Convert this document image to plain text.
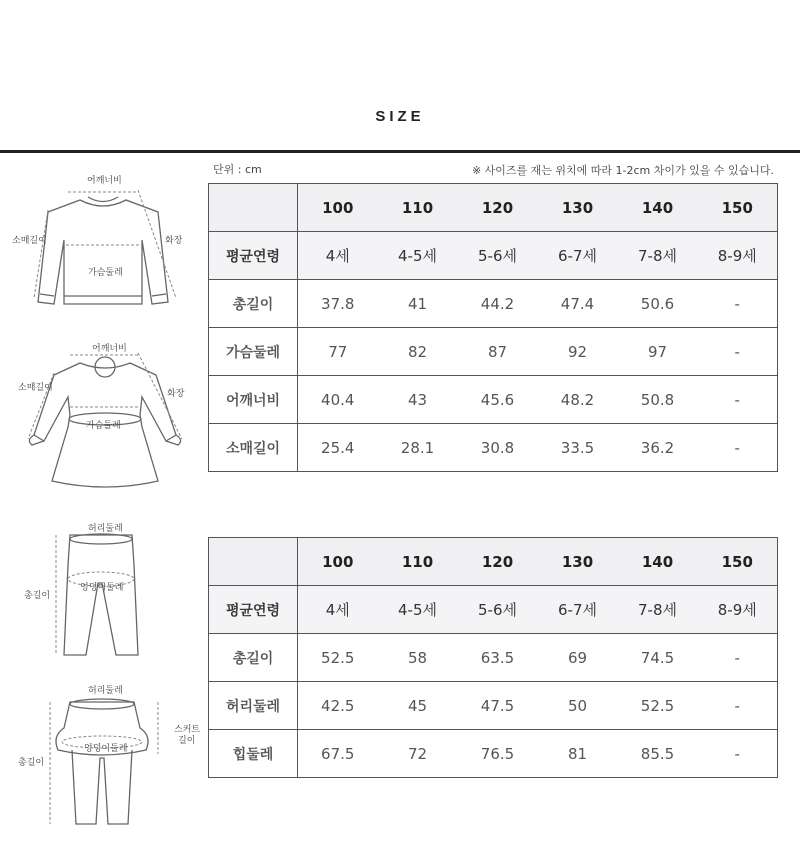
SIZE
단위 : cm	※ 사이즈를 재는 위치에 따라 1-2cm 차이가 있을 수 있습니다.
어깨너비
소매길이	화장
가슴둘레
어깨너비
소매길이
화장
가슴둘레
허리둘레
총길이
엉덩이둘레
허리둘레
총길이
엉덩이둘레
스커트
길이
	100	110	120	130	140	150
평균연령	4세	4-5세	5-6세	6-7세	7-8세	8-9세
총길이	37.8	41	44.2	47.4	50.6	-
가슴둘레	77	82	87	92	97	-
어깨너비	40.4	43	45.6	48.2	50.8	-
소매길이	25.4	28.1	30.8	33.5	36.2	-
	100	110	120	130	140	150
평균연령	4세	4-5세	5-6세	6-7세	7-8세	8-9세
총길이	52.5	58	63.5	69	74.5	-
허리둘레	42.5	45	47.5	50	52.5	-
힙둘레	67.5	72	76.5	81	85.5	-
